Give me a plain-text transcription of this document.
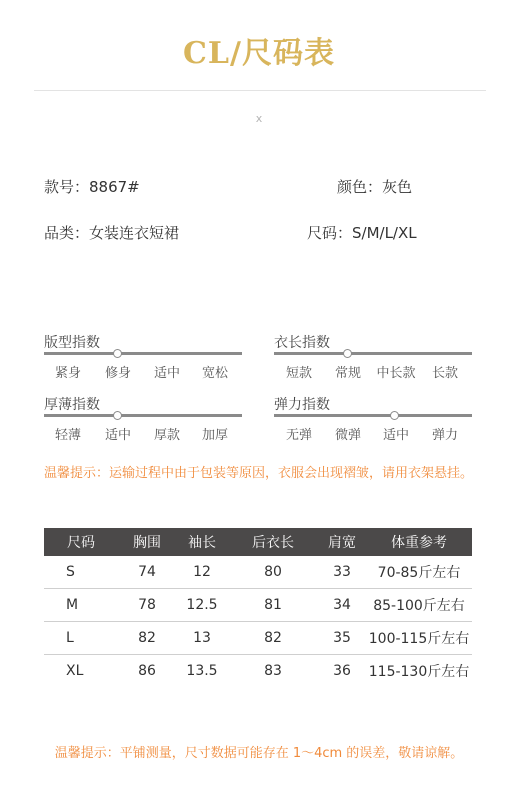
CL/尺码表
x
款号：8867#	颜色：灰色
品类：女装连衣短裙	尺码：S/M/L/XL
版型指数
紧身	修身	适中	宽松
衣长指数
短款	常规	中长款	长款
厚薄指数
轻薄	适中	厚款	加厚
弹力指数
无弹	微弹	适中	弹力
温馨提示：运输过程中由于包装等原因，衣服会出现褶皱，请用衣架悬挂。
尺码	胸围	袖长	后衣长	肩宽	体重参考
S	74	12	80	33	70-85斤左右
M	78	12.5	81	34	85-100斤左右
L	82	13	82	35	100-115斤左右
XL	86	13.5	83	36	115-130斤左右
温馨提示：平铺测量，尺寸数据可能存在 1～4cm 的误差，敬请谅解。
